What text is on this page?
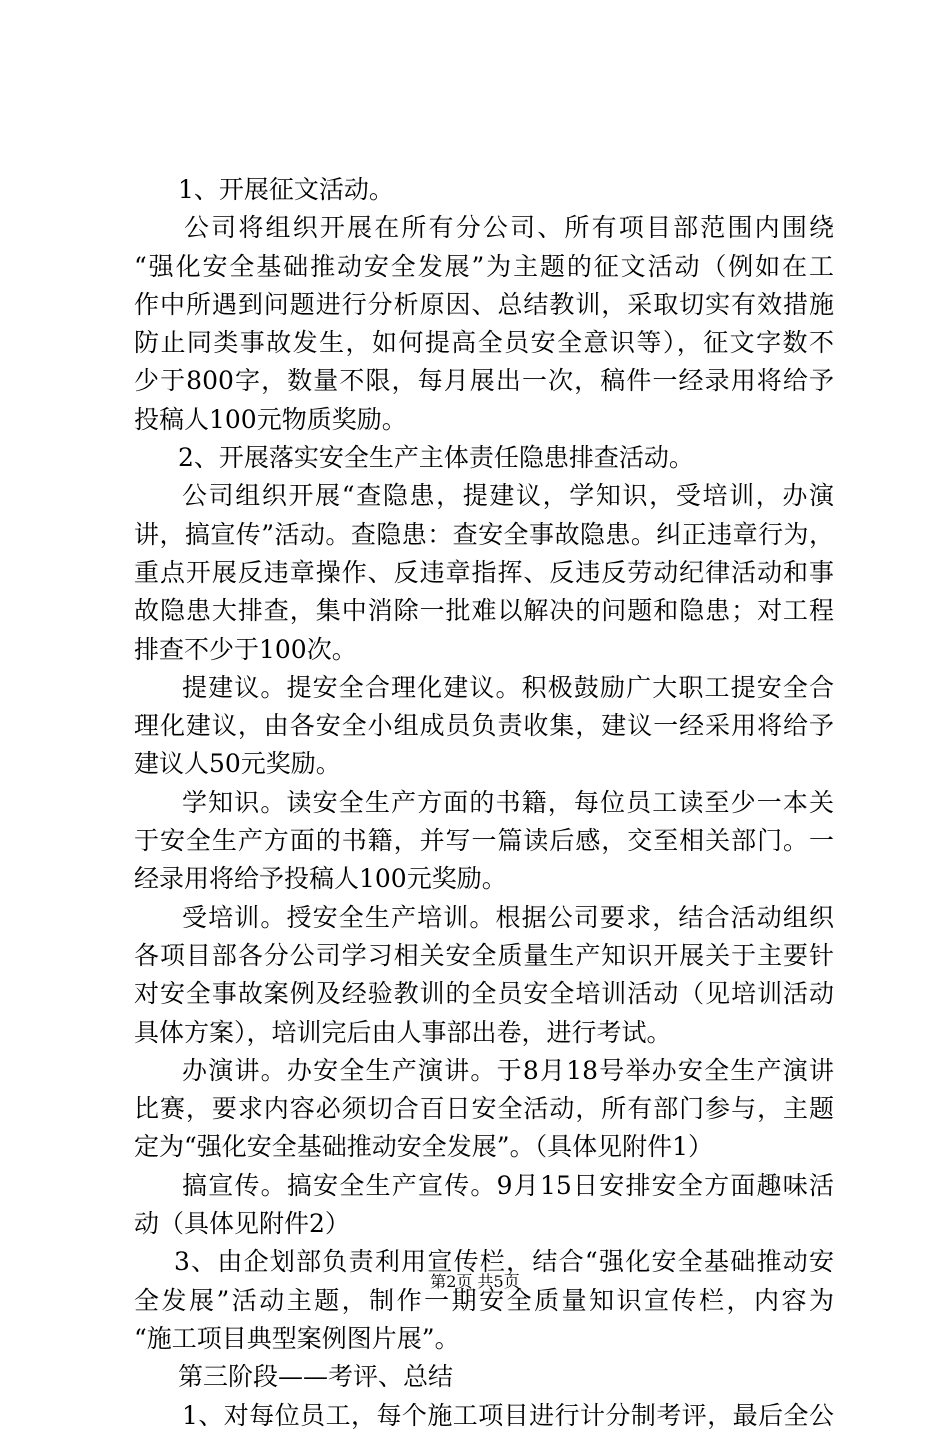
1、开展征文活动。
公司将组织开展在所有分公司、所有项目部范围内围绕
“强化安全基础推动安全发展”为主题的征文活动（例如在工
作中所遇到问题进行分析原因、总结教训，采取切实有效措施
防止同类事故发生，如何提高全员安全意识等），征文字数不
少于800字，数量不限，每月展出一次，稿件一经录用将给予
投稿人100元物质奖励。
2、开展落实安全生产主体责任隐患排查活动。
公司组织开展“查隐患，提建议，学知识，受培训，办演
讲，搞宣传”活动。查隐患：查安全事故隐患。纠正违章行为，
重点开展反违章操作、反违章指挥、反违反劳动纪律活动和事
故隐患大排查，集中消除一批难以解决的问题和隐患；对工程
排查不少于100次。
提建议。提安全合理化建议。积极鼓励广大职工提安全合
理化建议，由各安全小组成员负责收集，建议一经采用将给予
建议人50元奖励。
学知识。读安全生产方面的书籍，每位员工读至少一本关
于安全生产方面的书籍，并写一篇读后感，交至相关部门。一
经录用将给予投稿人100元奖励。
受培训。授安全生产培训。根据公司要求，结合活动组织
各项目部各分公司学习相关安全质量生产知识开展关于主要针
对安全事故案例及经验教训的全员安全培训活动（见培训活动
具体方案），培训完后由人事部出卷，进行考试。
办演讲。办安全生产演讲。于8月18号举办安全生产演讲
比赛，要求内容必须切合百日安全活动，所有部门参与，主题
定为“强化安全基础推动安全发展”。（具体见附件1）
搞宣传。搞安全生产宣传。9月15日安排安全方面趣味活
动（具体见附件2）
3、由企划部负责利用宣传栏，结合“强化安全基础推动安
全发展”活动主题，制作一期安全质量知识宣传栏，内容为
“施工项目典型案例图片展”。
第三阶段——考评、总结
1、对每位员工，每个施工项目进行计分制考评，最后全公
第2页 共5页
